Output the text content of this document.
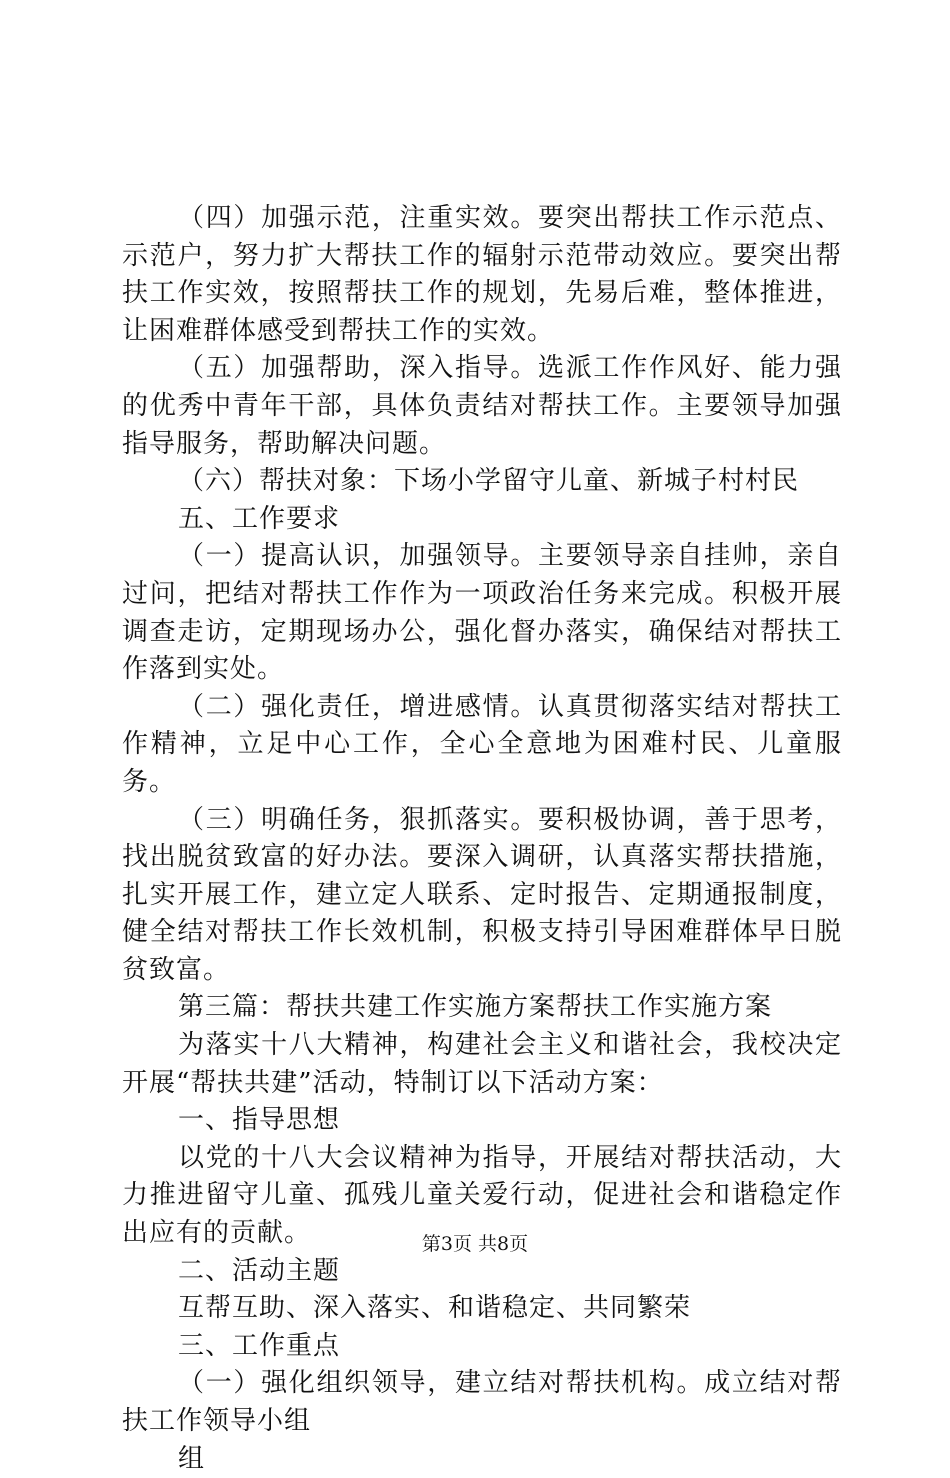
（四）加强示范，注重实效。要突出帮扶工作示范点、示范户，努力扩大帮扶工作的辐射示范带动效应。要突出帮扶工作实效，按照帮扶工作的规划，先易后难，整体推进，让困难群体感受到帮扶工作的实效。

（五）加强帮助，深入指导。选派工作作风好、能力强的优秀中青年干部，具体负责结对帮扶工作。主要领导加强指导服务，帮助解决问题。

（六）帮扶对象：下场小学留守儿童、新城子村村民

五、工作要求

（一）提高认识，加强领导。主要领导亲自挂帅，亲自过问，把结对帮扶工作作为一项政治任务来完成。积极开展调查走访，定期现场办公，强化督办落实，确保结对帮扶工作落到实处。

（二）强化责任，增进感情。认真贯彻落实结对帮扶工作精神，立足中心工作，全心全意地为困难村民、儿童服务。

（三）明确任务，狠抓落实。要积极协调，善于思考，找出脱贫致富的好办法。要深入调研，认真落实帮扶措施，扎实开展工作，建立定人联系、定时报告、定期通报制度，健全结对帮扶工作长效机制，积极支持引导困难群体早日脱贫致富。

第三篇：帮扶共建工作实施方案帮扶工作实施方案

为落实十八大精神，构建社会主义和谐社会，我校决定开展“帮扶共建”活动，特制订以下活动方案：

一、指导思想

以党的十八大会议精神为指导，开展结对帮扶活动，大力推进留守儿童、孤残儿童关爱行动，促进社会和谐稳定作出应有的贡献。

二、活动主题

互帮互助、深入落实、和谐稳定、共同繁荣

三、工作重点

（一）强化组织领导，建立结对帮扶机构。成立结对帮扶工作领导小组

组

第3页 共8页
